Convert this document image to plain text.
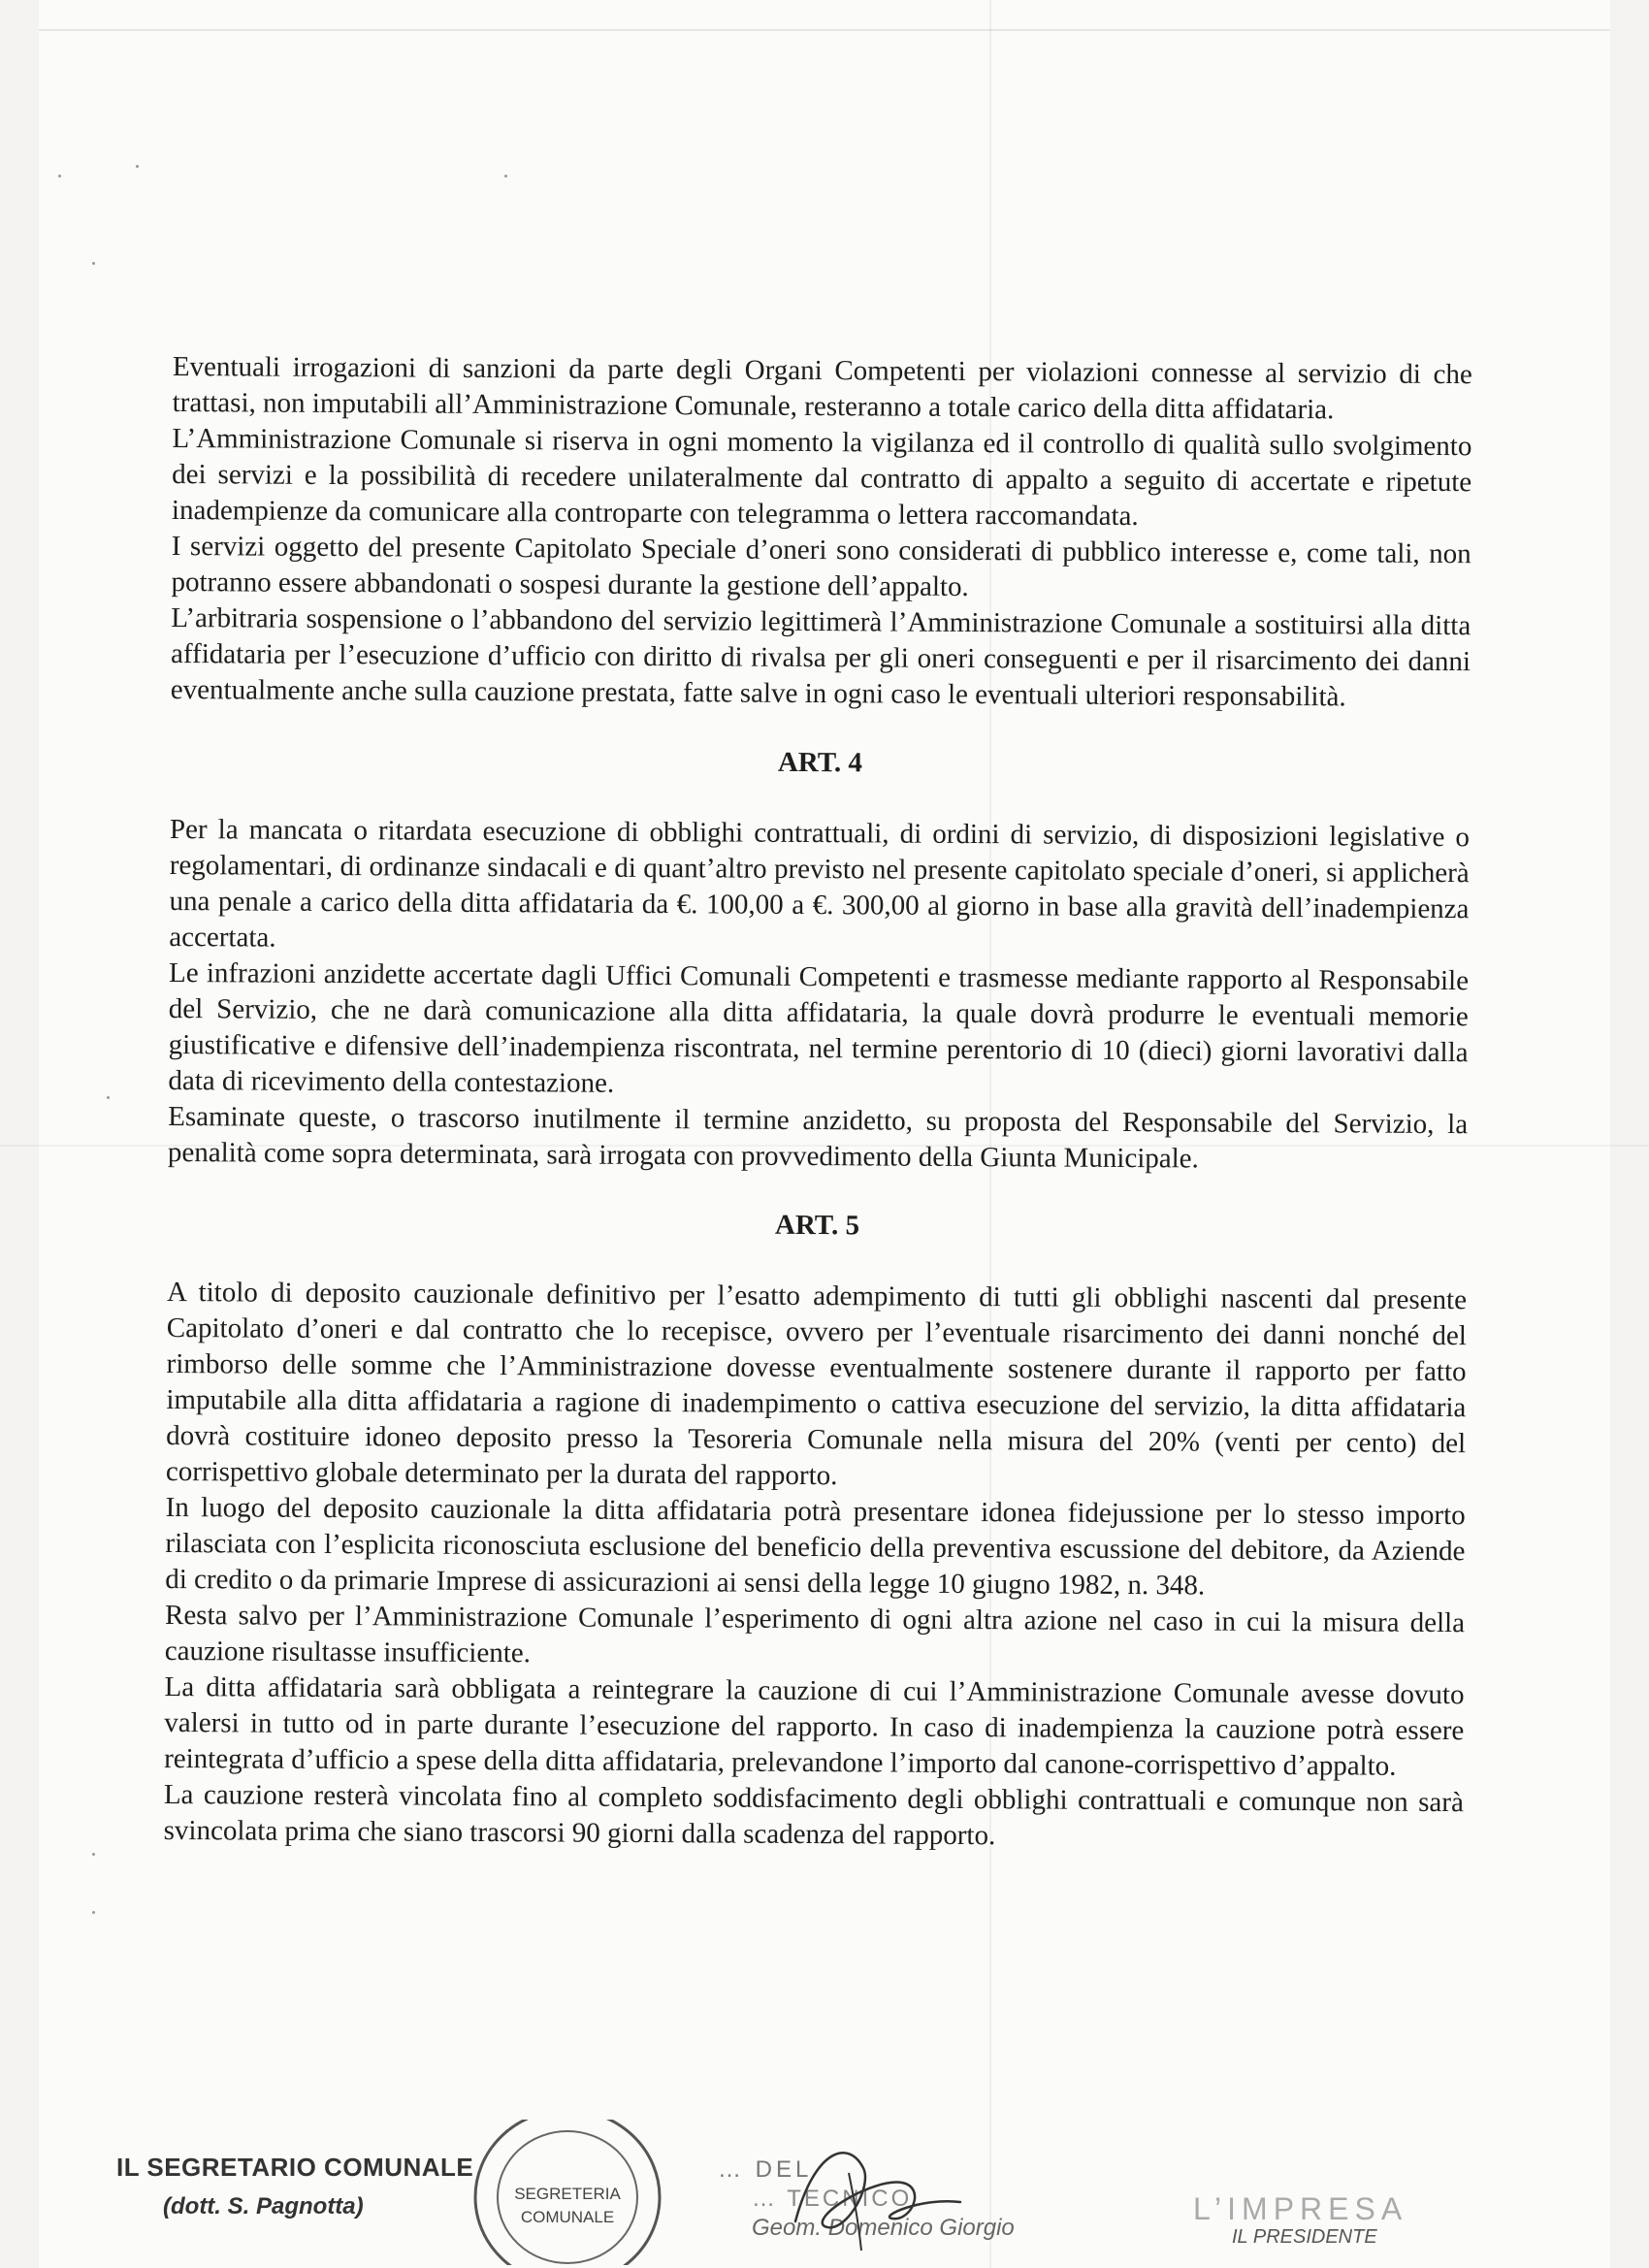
Eventuali irrogazioni di sanzioni da parte degli Organi Competenti per violazioni connesse al servizio di che trattasi, non imputabili all’Amministrazione Comunale, resteranno a totale carico della ditta affidataria.

L’Amministrazione Comunale si riserva in ogni momento la vigilanza ed il controllo di qualità sullo svolgimento dei servizi e la possibilità di recedere unilateralmente dal contratto di appalto a seguito di accertate e ripetute inadempienze da comunicare alla controparte con telegramma o lettera raccomandata.

I servizi oggetto del presente Capitolato Speciale d’oneri sono considerati di pubblico interesse e, come tali, non potranno essere abbandonati o sospesi durante la gestione dell’appalto.

L’arbitraria sospensione o l’abbandono del servizio legittimerà l’Amministrazione Comunale a sostituirsi alla ditta affidataria per l’esecuzione d’ufficio con diritto di rivalsa per gli oneri conseguenti e per il risarcimento dei danni eventualmente anche sulla cauzione prestata, fatte salve in ogni caso le eventuali ulteriori responsabilità.

ART. 4

Per la mancata o ritardata esecuzione di obblighi contrattuali, di ordini di servizio, di disposizioni legislative o regolamentari, di ordinanze sindacali e di quant’altro previsto nel presente capitolato speciale d’oneri, si applicherà una penale a carico della ditta affidataria da €. 100,00 a €. 300,00 al giorno in base alla gravità dell’inadempienza accertata.

Le infrazioni anzidette accertate dagli Uffici Comunali Competenti e trasmesse mediante rapporto al Responsabile del Servizio, che ne darà comunicazione alla ditta affidataria, la quale dovrà produrre le eventuali memorie giustificative e difensive dell’inadempienza riscontrata, nel termine perentorio di 10 (dieci) giorni lavorativi dalla data di ricevimento della contestazione.

Esaminate queste, o trascorso inutilmente il termine anzidetto, su proposta del Responsabile del Servizio, la penalità come sopra determinata, sarà irrogata con provvedimento della Giunta Municipale.

ART. 5

A titolo di deposito cauzionale definitivo per l’esatto adempimento di tutti gli obblighi nascenti dal presente Capitolato d’oneri e dal contratto che lo recepisce, ovvero per l’eventuale risarcimento dei danni nonché del rimborso delle somme che l’Amministrazione dovesse eventualmente sostenere durante il rapporto per fatto imputabile alla ditta affidataria a ragione di inadempimento o cattiva esecuzione del servizio, la ditta affidataria dovrà costituire idoneo deposito presso la Tesoreria Comunale nella misura del 20% (venti per cento) del corrispettivo globale determinato per la durata del rapporto.

In luogo del deposito cauzionale la ditta affidataria potrà presentare idonea fidejussione per lo stesso importo rilasciata con l’esplicita riconosciuta esclusione del beneficio della preventiva escussione del debitore, da Aziende di credito o da primarie Imprese di assicurazioni ai sensi della legge 10 giugno 1982, n. 348.

Resta salvo per l’Amministrazione Comunale l’esperimento di ogni altra azione nel caso in cui la misura della cauzione risultasse insufficiente.

La ditta affidataria sarà obbligata a reintegrare la cauzione di cui l’Amministrazione Comunale avesse dovuto valersi in tutto od in parte durante l’esecuzione del rapporto. In caso di inadempienza la cauzione potrà essere reintegrata d’ufficio a spese della ditta affidataria, prelevandone l’importo dal canone-corrispettivo d’appalto.

La cauzione resterà vincolata fino al completo soddisfacimento degli obblighi contrattuali e comunque non sarà svincolata prima che siano trascorsi 90 giorni dalla scadenza del rapporto.

IL SEGRETARIO COMUNALE
(dott. S. Pagnotta)	SEGRETERIA
COMUNALE
… DEL
… TECNICO
Geom. Domenico Giorgio
L’IMPRESA
IL PRESIDENTE
